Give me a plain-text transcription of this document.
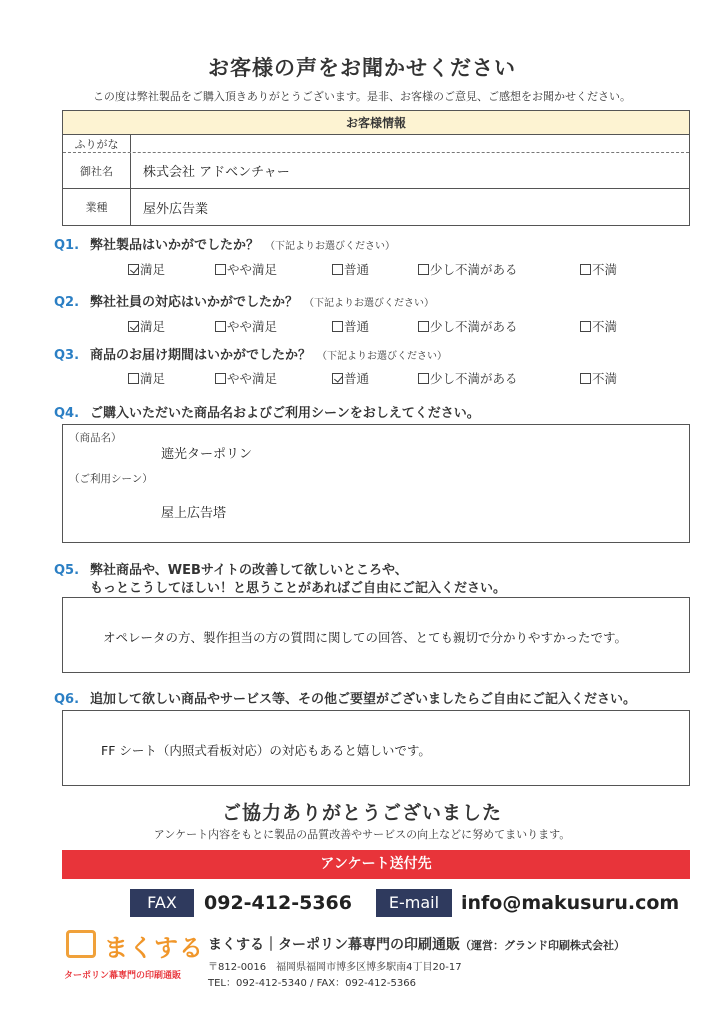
お客様の声をお聞かせください
この度は弊社製品をご購入頂きありがとうございます。是非、お客様のご意見、ご感想をお聞かせください。
お客様情報
ふりがな
御社名	株式会社 アドベンチャー
業種	屋外広告業
Q1. 弊社製品はいかがでしたか？ （下記よりお選びください）
満足	やや満足	普通	少し不満がある	不満
Q2. 弊社社員の対応はいかがでしたか？ （下記よりお選びください）
満足	やや満足	普通	少し不満がある	不満
Q3. 商品のお届け期間はいかがでしたか？ （下記よりお選びください）
満足	やや満足	普通	少し不満がある	不満
Q4. ご購入いただいた商品名およびご利用シーンをおしえてください。
（商品名）
遮光ターポリン
（ご利用シーン）
屋上広告塔
Q5. 弊社商品や、WEBサイトの改善して欲しいところや、
もっとこうしてほしい！と思うことがあればご自由にご記入ください。
オペレータの方、製作担当の方の質問に関しての回答、とても親切で分かりやすかったです。
Q6. 追加して欲しい商品やサービス等、その他ご要望がございましたらご自由にご記入ください。
FF シート（内照式看板対応）の対応もあると嬉しいです。
ご協力ありがとうございました
アンケート内容をもとに製品の品質改善やサービスの向上などに努めてまいります。
アンケート送付先
FAX	092-412-5366	E-mail	info@makusuru.com
まくする
ターポリン幕専門の印刷通販
まくする｜ターポリン幕専門の印刷通販（運営：グランド印刷株式会社）
〒812-0016　福岡県福岡市博多区博多駅南4丁目20-17
TEL：092-412-5340 / FAX：092-412-5366
